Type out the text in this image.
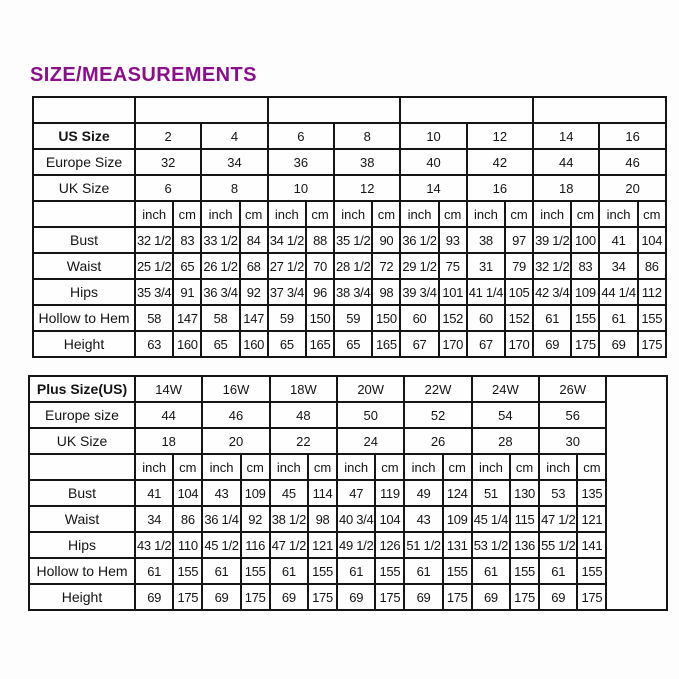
SIZE/MEASUREMENTS

US Size	2		4		6		8		10		12		14		16	
Europe Size	32		34		36		38		40		42		44		46	
UK Size	6		8		10		12		14		16		18		20	
	inch	cm	inch	cm	inch	cm	inch	cm	inch	cm	inch	cm	inch	cm	inch	cm
Bust	32 1/2	83	33 1/2	84	34 1/2	88	35 1/2	90	36 1/2	93	38	97	39 1/2	100	41	104
Waist	25 1/2	65	26 1/2	68	27 1/2	70	28 1/2	72	29 1/2	75	31	79	32 1/2	83	34	86
Hips	35 3/4	91	36 3/4	92	37 3/4	96	38 3/4	98	39 3/4	101	41 1/4	105	42 3/4	109	44 1/4	112
Hollow to Hem	58	147	58	147	59	150	59	150	60	152	60	152	61	155	61	155
Height	63	160	65	160	65	165	65	165	67	170	67	170	69	175	69	175
Plus Size(US)	14W		16W		18W		20W		22W		24W		26W		
Europe size	44		46		48		50		52		54		56		
UK Size	18		20		22		24		26		28		30		
	inch	cm	inch	cm	inch	cm	inch	cm	inch	cm	inch	cm	inch	cm	
Bust	41	104	43	109	45	114	47	119	49	124	51	130	53	135	
Waist	34	86	36 1/4	92	38 1/2	98	40 3/4	104	43	109	45 1/4	115	47 1/2	121	
Hips	43 1/2	110	45 1/2	116	47 1/2	121	49 1/2	126	51 1/2	131	53 1/2	136	55 1/2	141	
Hollow to Hem	61	155	61	155	61	155	61	155	61	155	61	155	61	155	
Height	69	175	69	175	69	175	69	175	69	175	69	175	69	175	
